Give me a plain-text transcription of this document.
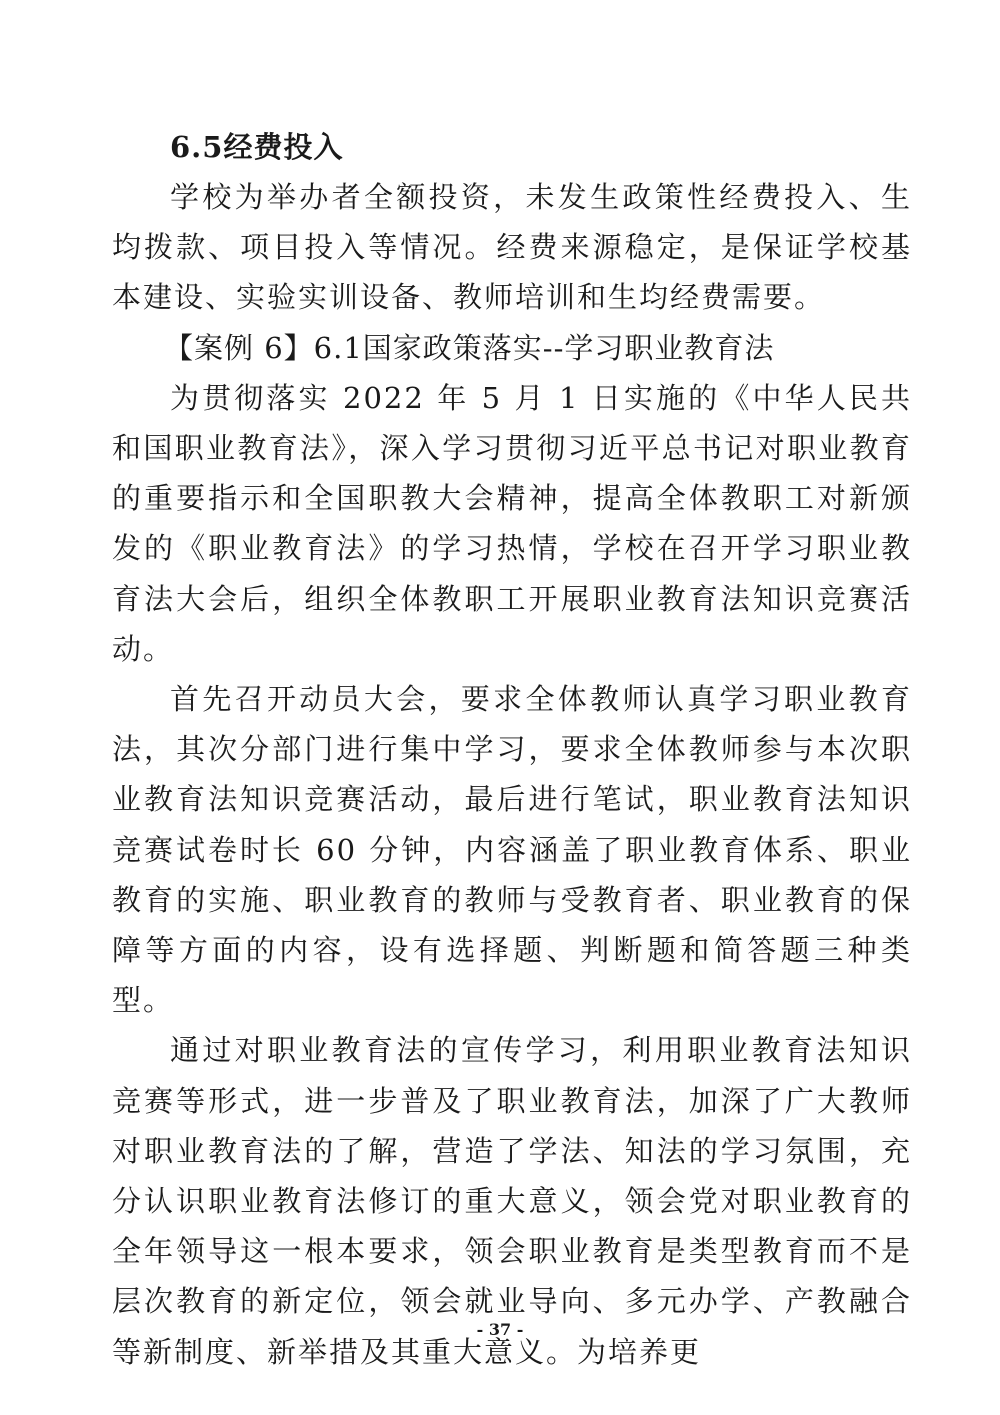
6.5经费投入

学校为举办者全额投资，未发生政策性经费投入、生均拨款、项目投入等情况。经费来源稳定，是保证学校基本建设、实验实训设备、教师培训和生均经费需要。

【案例 6】6.1国家政策落实--学习职业教育法

为贯彻落实 2022 年 5 月 1 日实施的《中华人民共和国职业教育法》，深入学习贯彻习近平总书记对职业教育的重要指示和全国职教大会精神，提高全体教职工对新颁发的《职业教育法》的学习热情，学校在召开学习职业教育法大会后，组织全体教职工开展职业教育法知识竞赛活动。

首先召开动员大会，要求全体教师认真学习职业教育法，其次分部门进行集中学习，要求全体教师参与本次职业教育法知识竞赛活动，最后进行笔试，职业教育法知识竞赛试卷时长 60 分钟，内容涵盖了职业教育体系、职业教育的实施、职业教育的教师与受教育者、职业教育的保障等方面的内容，设有选择题、判断题和简答题三种类型。

通过对职业教育法的宣传学习，利用职业教育法知识竞赛等形式，进一步普及了职业教育法，加深了广大教师对职业教育法的了解，营造了学法、知法的学习氛围，充分认识职业教育法修订的重大意义，领会党对职业教育的全年领导这一根本要求，领会职业教育是类型教育而不是层次教育的新定位，领会就业导向、多元办学、产教融合等新制度、新举措及其重大意义。为培养更

- 37 -
